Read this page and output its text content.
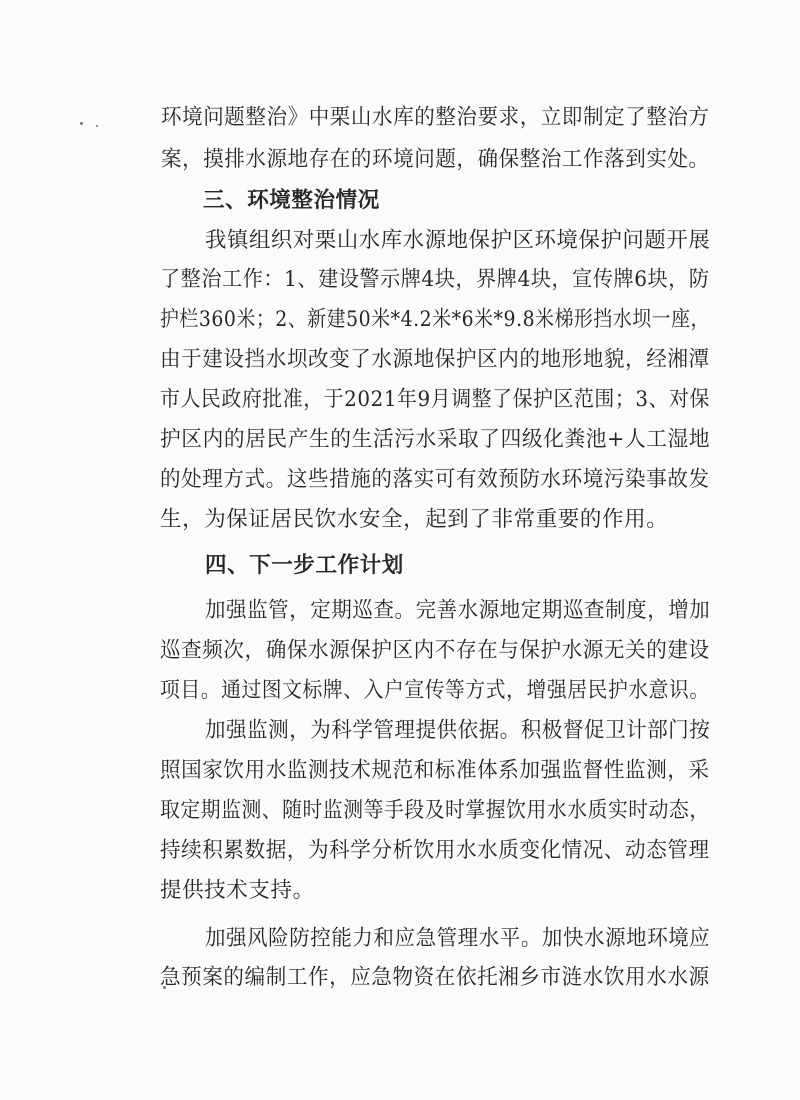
环境问题整治》中栗山水库的整治要求，立即制定了整治方
案，摸排水源地存在的环境问题，确保整治工作落到实处。
三、环境整治情况
我镇组织对栗山水库水源地保护区环境保护问题开展
了整治工作：1、建设警示牌4块，界牌4块，宣传牌6块，防
护栏360米；2、新建50米*4.2米*6米*9.8米梯形挡水坝一座，
由于建设挡水坝改变了水源地保护区内的地形地貌，经湘潭
市人民政府批准，于2021年9月调整了保护区范围；3、对保
护区内的居民产生的生活污水采取了四级化粪池+人工湿地
的处理方式。这些措施的落实可有效预防水环境污染事故发
生，为保证居民饮水安全，起到了非常重要的作用。
四、下一步工作计划
加强监管，定期巡查。完善水源地定期巡查制度，增加
巡查频次，确保水源保护区内不存在与保护水源无关的建设
项目。通过图文标牌、入户宣传等方式，增强居民护水意识。
加强监测，为科学管理提供依据。积极督促卫计部门按
照国家饮用水监测技术规范和标准体系加强监督性监测，采
取定期监测、随时监测等手段及时掌握饮用水水质实时动态，
持续积累数据，为科学分析饮用水水质变化情况、动态管理
提供技术支持。
加强风险防控能力和应急管理水平。加快水源地环境应
急预案的编制工作，应急物资在依托湘乡市涟水饮用水水源
